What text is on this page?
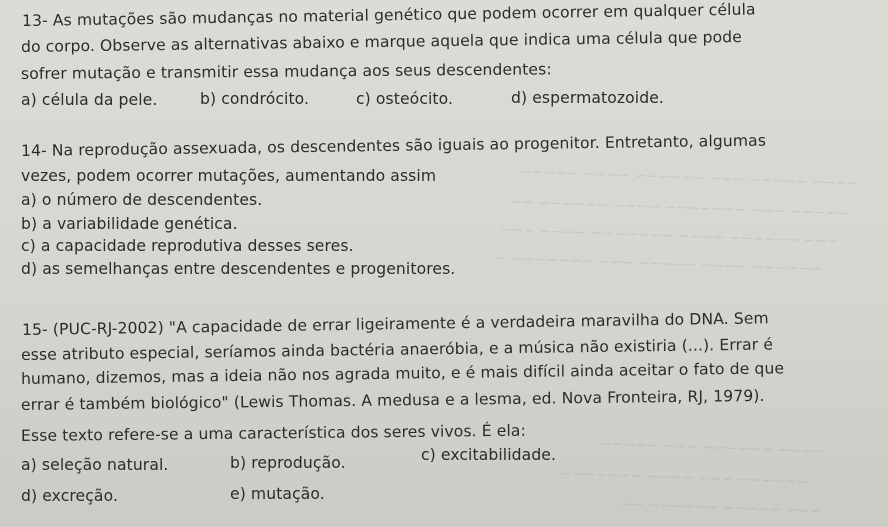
~~~~ ~~~~~ ~~~ ~~~~~~ ~~~~ ~~~~~
~~~~~ ~~~ ~~~~~~~ ~~~~ ~~~~~~ ~~
~~~ ~~~~~~ ~~~~ ~~~~~~~ ~~~~ ~~~
~~~~~~ ~~~~ ~~~~~ ~~~ ~~~~~~~ ~
~~~~ ~~~~~~ ~~~ ~~~~~
~~~~~~ ~~~ ~~~~ ~~~~~~~
~~~ ~~~~~ ~~~~~~ ~~
13- As mutações são mudanças no material genético que podem ocorrer em qualquer célula
do corpo. Observe as alternativas abaixo e marque aquela que indica uma célula que pode
sofrer mutação e transmitir essa mudança aos seus descendentes:
a) célula da pele.	b) condrócito.	c) osteócito.	d) espermatozoide.
14- Na reprodução assexuada, os descendentes são iguais ao progenitor. Entretanto, algumas
vezes, podem ocorrer mutações, aumentando assim
a) o número de descendentes.
b) a variabilidade genética.
c) a capacidade reprodutiva desses seres.
d) as semelhanças entre descendentes e progenitores.
15- (PUC-RJ-2002) "A capacidade de errar ligeiramente é a verdadeira maravilha do DNA. Sem
esse atributo especial, seríamos ainda bactéria anaeróbia, e a música não existiria (...). Errar é
humano, dizemos, mas a ideia não nos agrada muito, e é mais difícil ainda aceitar o fato de que
errar é também biológico" (Lewis Thomas. A medusa e a lesma, ed. Nova Fronteira, RJ, 1979).
Esse texto refere-se a uma característica dos seres vivos. É ela:
a) seleção natural.	b) reprodução.	c) excitabilidade.
d) excreção.	e) mutação.
